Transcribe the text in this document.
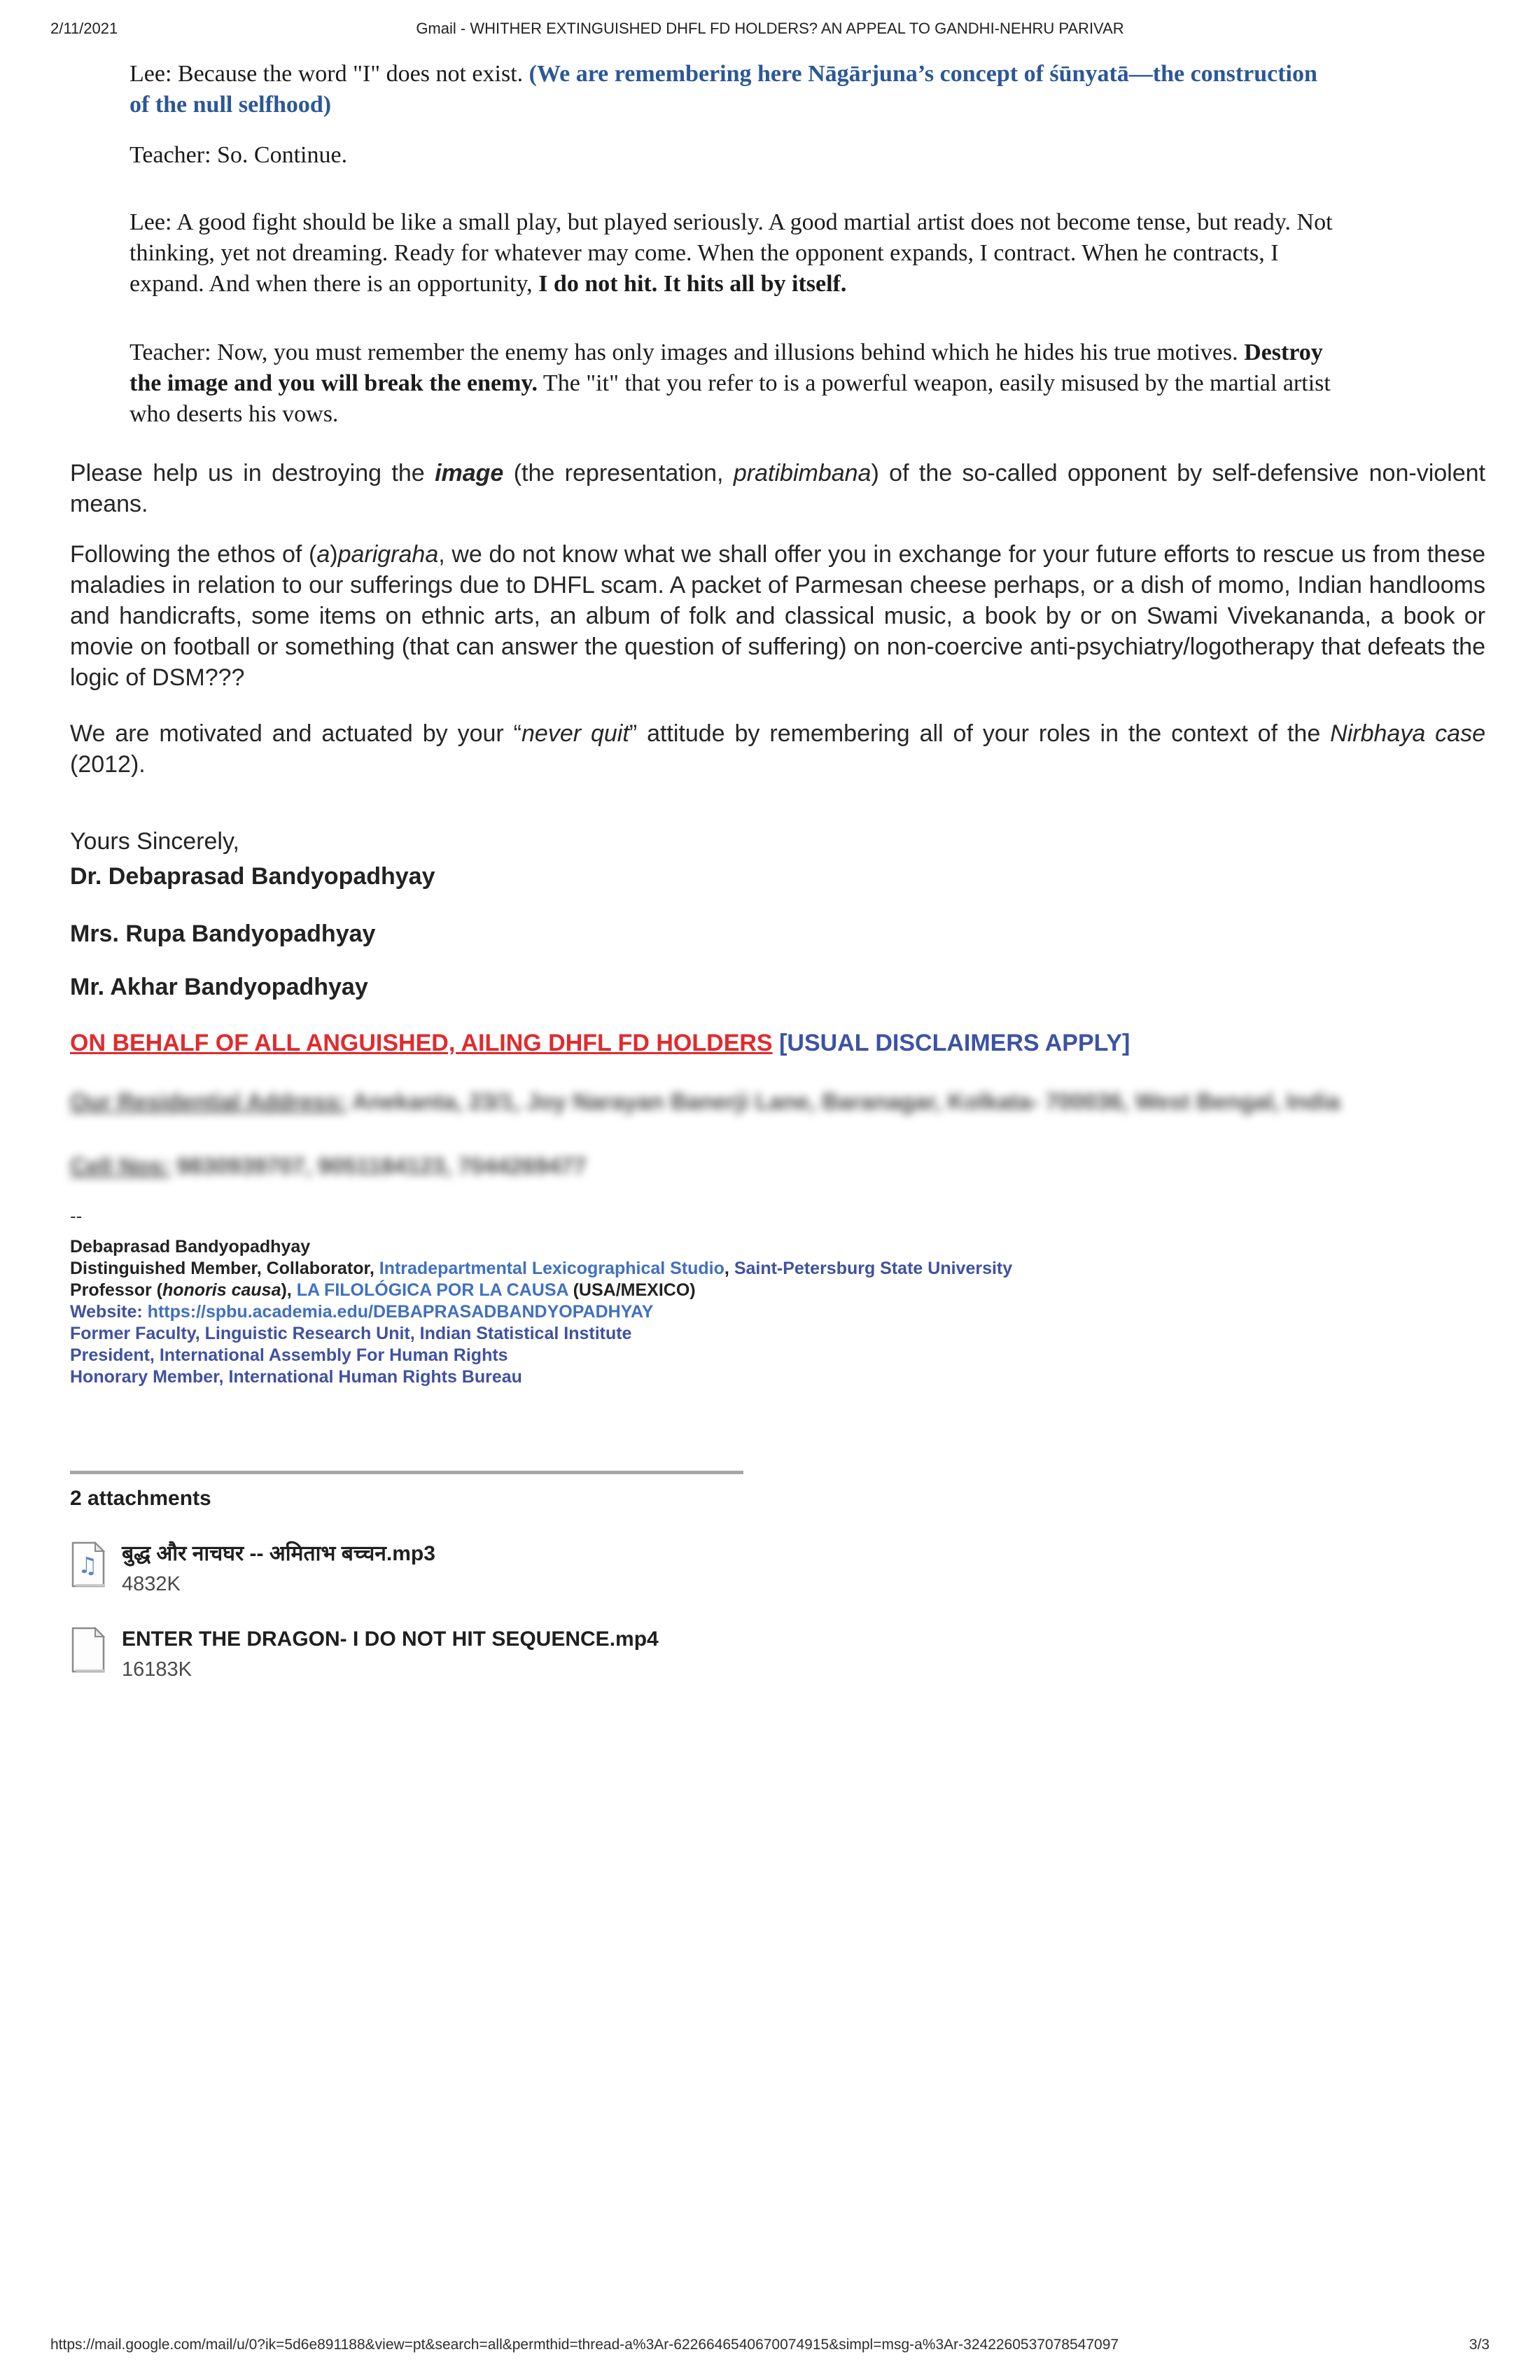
2/11/2021	Gmail - WHITHER EXTINGUISHED DHFL FD HOLDERS? AN APPEAL TO GANDHI-NEHRU PARIVAR

Lee: Because the word "I" does not exist. (We are remembering here Nāgārjuna’s concept of śūnyatā—the construction of the null selfhood)

Teacher: So. Continue.

Lee: A good fight should be like a small play, but played seriously. A good martial artist does not become tense, but ready. Not thinking, yet not dreaming. Ready for whatever may come. When the opponent expands, I contract. When he contracts, I expand. And when there is an opportunity, I do not hit. It hits all by itself.

Teacher: Now, you must remember the enemy has only images and illusions behind which he hides his true motives. Destroy the image and you will break the enemy. The "it" that you refer to is a powerful weapon, easily misused by the martial artist who deserts his vows.

Please help us in destroying the image (the representation, pratibimbana) of the so-called opponent by self-defensive non-violent means.

Following the ethos of (a)parigraha, we do not know what we shall offer you in exchange for your future efforts to rescue us from these maladies in relation to our sufferings due to DHFL scam. A packet of Parmesan cheese perhaps, or a dish of momo, Indian handlooms and handicrafts, some items on ethnic arts, an album of folk and classical music, a book by or on Swami Vivekananda, a book or movie on football or something (that can answer the question of suffering) on non-coercive anti-psychiatry/logotherapy that defeats the logic of DSM???

We are motivated and actuated by your “never quit” attitude by remembering all of your roles in the context of the Nirbhaya case (2012).

Yours Sincerely,

Dr. Debaprasad Bandyopadhyay

Mrs. Rupa Bandyopadhyay

Mr. Akhar Bandyopadhyay

ON BEHALF OF ALL ANGUISHED, AILING DHFL FD HOLDERS [USUAL DISCLAIMERS APPLY]

Our Residential Address: Anekanta, 23/1, Joy Narayan Banerji Lane, Baranagar, Kolkata- 700036, West Bengal, India

Cell Nos: 9830939707, 9051184123, 7044269477

--

Debaprasad Bandyopadhyay

Distinguished Member, Collaborator, Intradepartmental Lexicographical Studio, Saint-Petersburg State University

Professor (honoris causa), LA FILOLÓGICA POR LA CAUSA (USA/MEXICO)

Website: https://spbu.academia.edu/DEBAPRASADBANDYOPADHYAY

Former Faculty, Linguistic Research Unit, Indian Statistical Institute

President, International Assembly For Human Rights

Honorary Member, International Human Rights Bureau

2 attachments

♫ बुद्ध और नाचघर -- अमिताभ बच्चन.mp3
4832K
ENTER THE DRAGON- I DO NOT HIT SEQUENCE.mp4
16183K
https://mail.google.com/mail/u/0?ik=5d6e891188&view=pt&search=all&permthid=thread-a%3Ar-6226646540670074915&simpl=msg-a%3Ar-3242260537078547097	3/3
